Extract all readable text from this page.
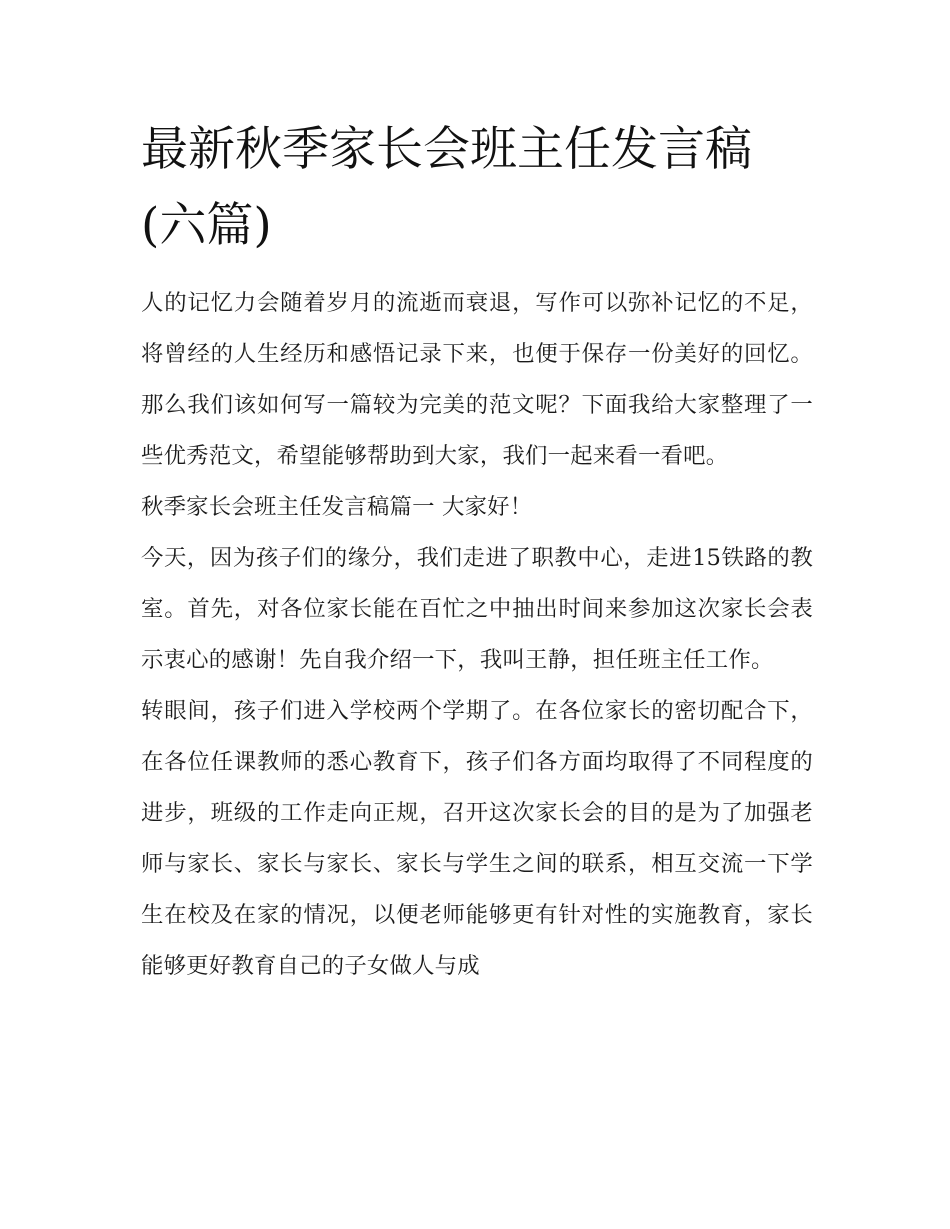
最新秋季家长会班主任发言稿(六篇)

人的记忆力会随着岁月的流逝而衰退，写作可以弥补记忆的不足，将曾经的人生经历和感悟记录下来，也便于保存一份美好的回忆。那么我们该如何写一篇较为完美的范文呢？下面我给大家整理了一些优秀范文，希望能够帮助到大家，我们一起来看一看吧。

秋季家长会班主任发言稿篇一 大家好！

今天，因为孩子们的缘分，我们走进了职教中心，走进15铁路的教室。首先，对各位家长能在百忙之中抽出时间来参加这次家长会表示衷心的感谢！先自我介绍一下，我叫王静，担任班主任工作。

转眼间，孩子们进入学校两个学期了。在各位家长的密切配合下，在各位任课教师的悉心教育下，孩子们各方面均取得了不同程度的进步，班级的工作走向正规，召开这次家长会的目的是为了加强老师与家长、家长与家长、家长与学生之间的联系，相互交流一下学生在校及在家的情况，以便老师能够更有针对性的实施教育，家长能够更好教育自己的子女做人与成
